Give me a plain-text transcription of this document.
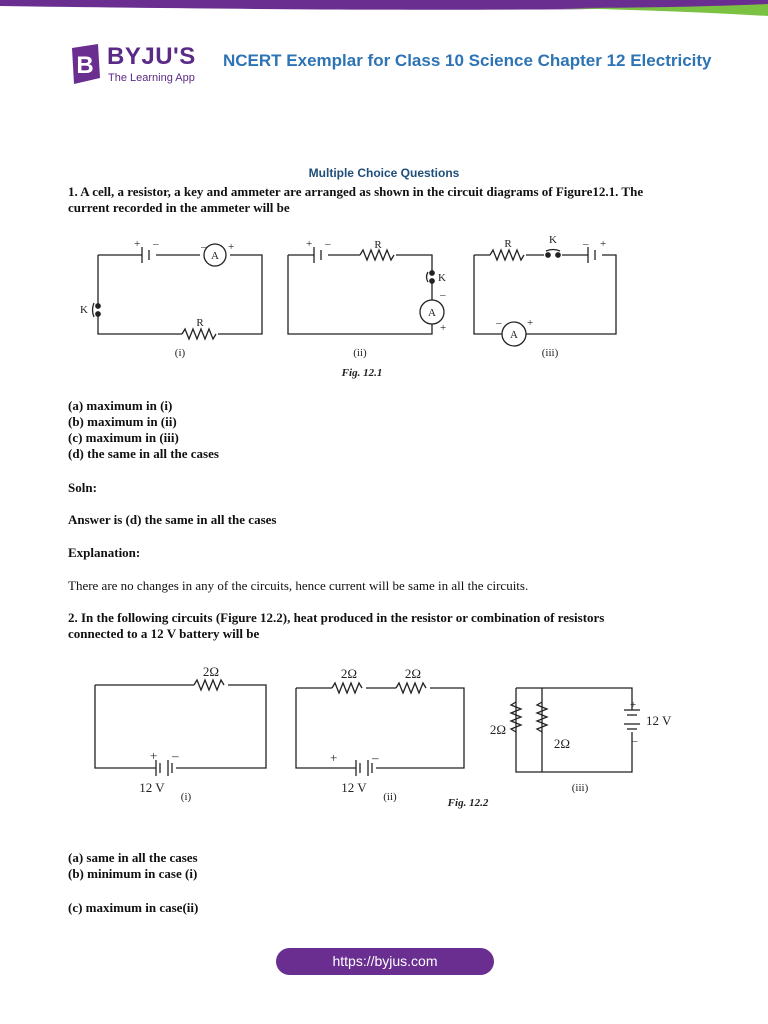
B BYJU'S
The Learning App
NCERT Exemplar for Class 10 Science Chapter 12 Electricity
Multiple Choice Questions
1. A cell, a resistor, a key and ammeter are arranged as shown in the circuit diagrams of Figure12.1. The
current recorded in the ammeter will be
+ –	– +
A
R
K
(i)
+ –	R
K
–
+
A
(ii)
R	K – +
– +
A
(iii)
Fig. 12.1
(a) maximum in (i)
(b) maximum in (ii)
(c) maximum in (iii)
(d) the same in all the cases
Soln:
Answer is (d) the same in all the cases
Explanation:
There are no changes in any of the circuits, hence current will be same in all the circuits.
2. In the following circuits (Figure 12.2), heat produced in the resistor or combination of resistors
connected to a 12 V battery will be
2Ω
+ –
12 V
(i)
2Ω	2Ω
+	–
12 V
(ii)
2Ω
2Ω
+
–
12 V
(iii)
Fig. 12.2
(a) same in all the cases
(b) minimum in case (i)
(c) maximum in case(ii)
https://byjus.com
